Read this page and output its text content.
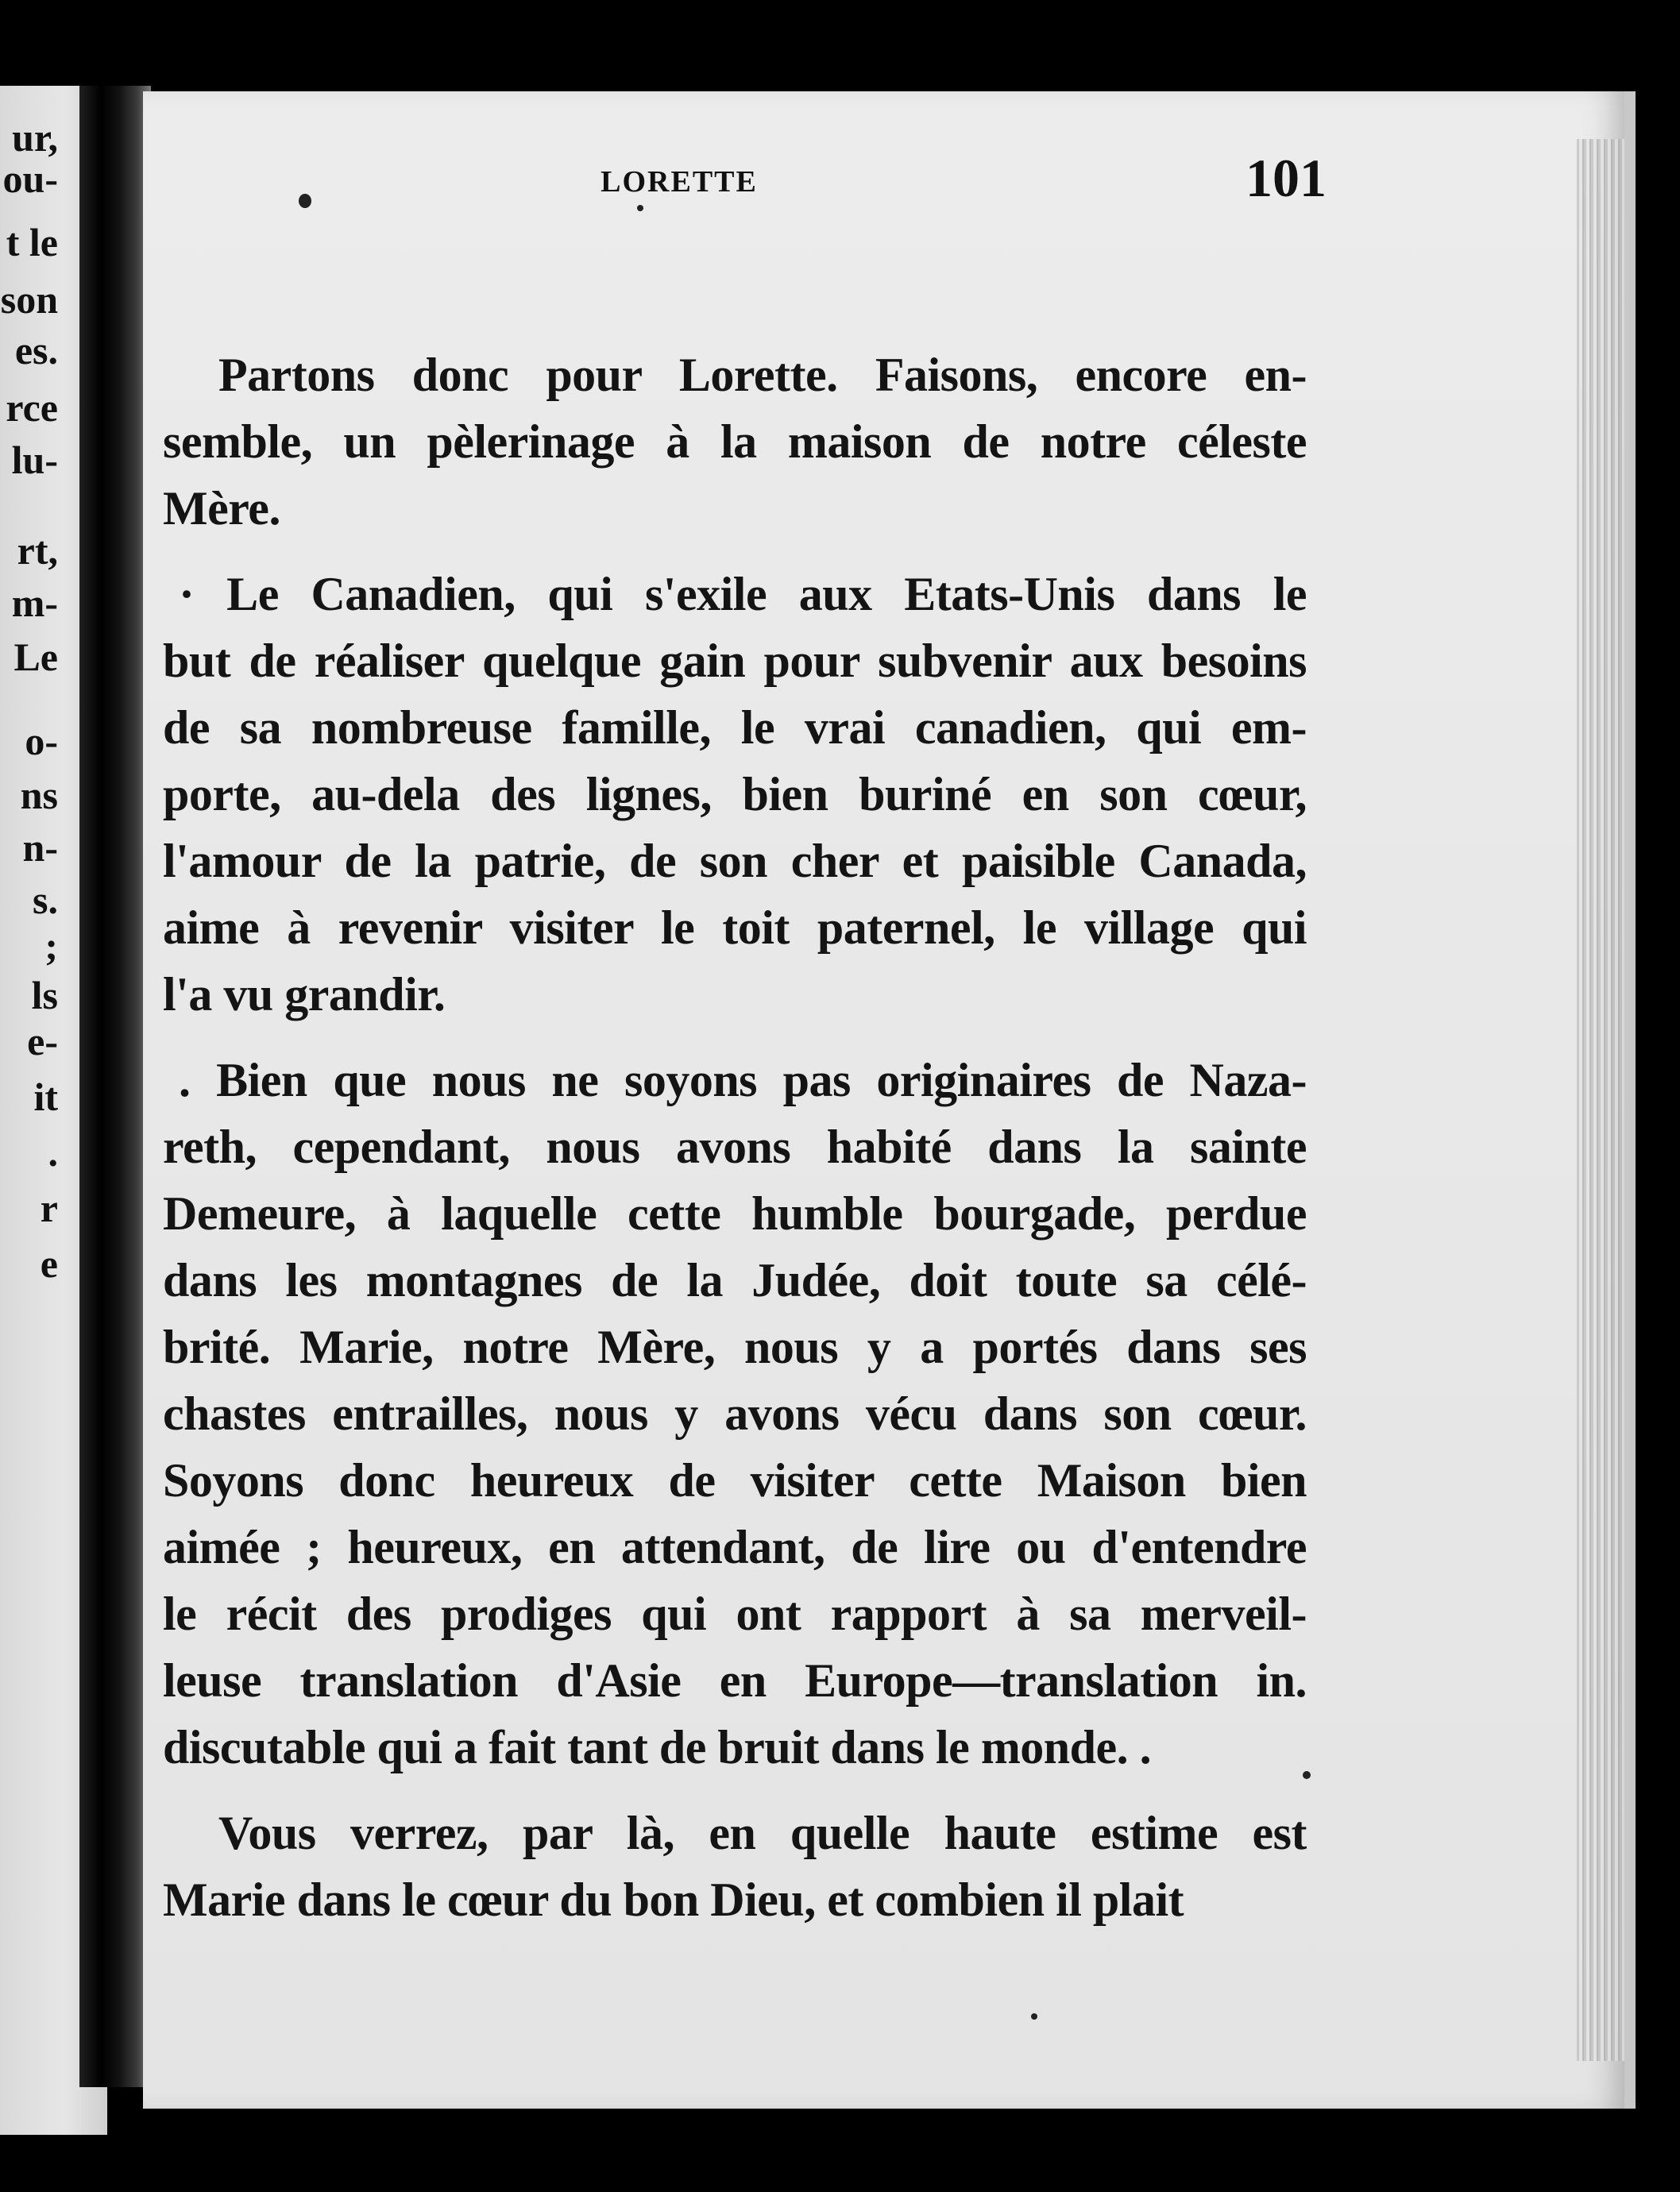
ur,
ou-
t le
son
es.
rce
lu-
rt,
m-
Le
o-
ns
n-
s.
;
ls
e-
it
.
r
e
LORETTE	101
Partons donc pour Lorette. Faisons, encore en-
semble, un pèlerinage à la maison de notre céleste
Mère.
· Le Canadien, qui s'exile aux Etats-Unis dans le
but de réaliser quelque gain pour subvenir aux besoins
de sa nombreuse famille, le vrai canadien, qui em-
porte, au-dela des lignes, bien buriné en son cœur,
l'amour de la patrie, de son cher et paisible Canada,
aime à revenir visiter le toit paternel, le village qui
l'a vu grandir.
. Bien que nous ne soyons pas originaires de Naza-
reth, cependant, nous avons habité dans la sainte
Demeure, à laquelle cette humble bourgade, perdue
dans les montagnes de la Judée, doit toute sa célé-
brité. Marie, notre Mère, nous y a portés dans ses
chastes entrailles, nous y avons vécu dans son cœur.
Soyons donc heureux de visiter cette Maison bien
aimée ; heureux, en attendant, de lire ou d'entendre
le récit des prodiges qui ont rapport à sa merveil-
leuse translation d'Asie en Europe—translation in.
discutable qui a fait tant de bruit dans le monde. .
Vous verrez, par là, en quelle haute estime est
Marie dans le cœur du bon Dieu, et combien il plait
